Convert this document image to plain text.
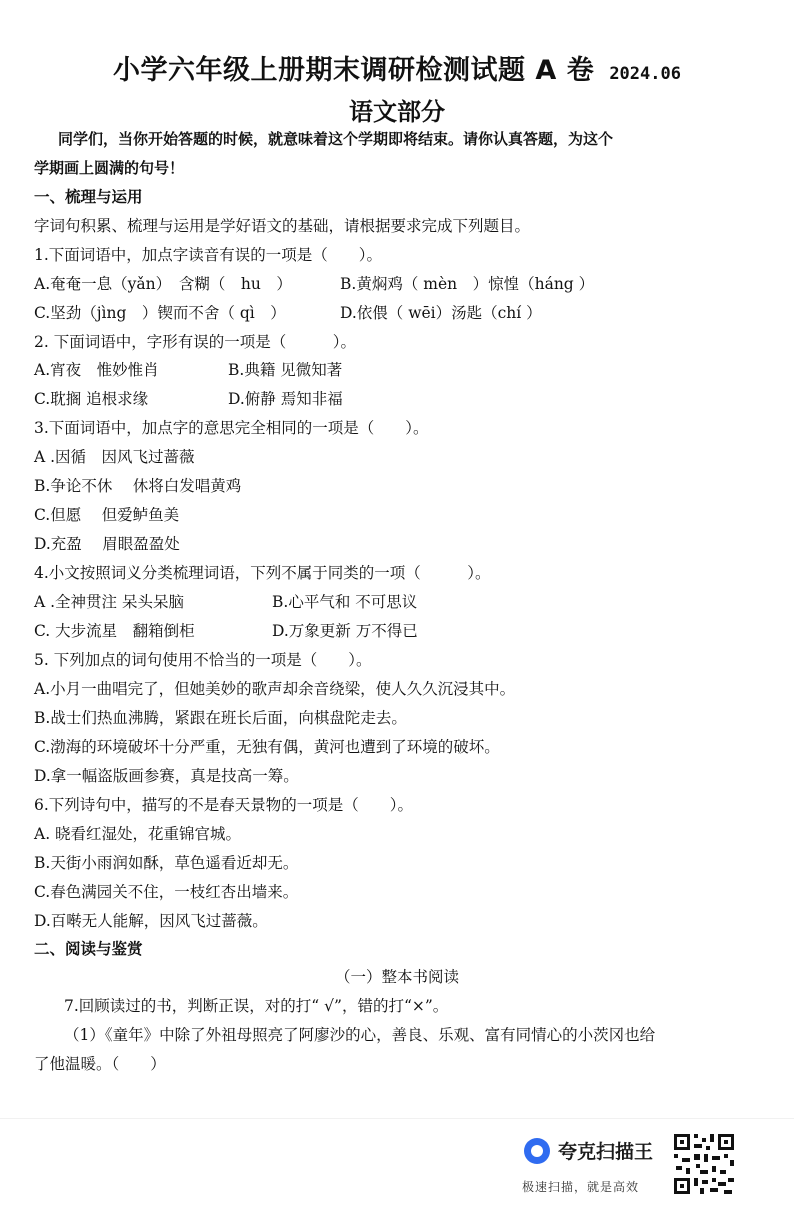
小学六年级上册期末调研检测试题 A 卷 2024.06
语文部分
同学们，当你开始答题的时候，就意味着这个学期即将结束。请你认真答题，为这个
学期画上圆满的句号！
一、梳理与运用
字词句积累、梳理与运用是学好语文的基础，请根据要求完成下列题目。
1.下面词语中，加点字读音有误的一项是（　　）。
A.奄奄一息（yǎn）　含糊（　hu　）	B.黄焖鸡（ mèn　）惊惶（háng ）
C.坚劲（jìng　）锲而不舍（ qì　）	D.依偎（ wēi）汤匙（chí ）
2. 下面词语中，字形有误的一项是（　　　）。
A.宵夜　惟妙惟肖	B.典籍 见微知著
C.耽搁 追根求缘	D.俯静 焉知非福
3.下面词语中，加点字的意思完全相同的一项是（　　）。
A .因循　因风飞过蔷薇
B.争论不休　 休将白发唱黄鸡
C.但愿　 但爱鲈鱼美
D.充盈　 眉眼盈盈处
4.小文按照词义分类梳理词语，下列不属于同类的一项（　　　）。
A .全神贯注 呆头呆脑	B.心平气和 不可思议
C. 大步流星　翻箱倒柜	D.万象更新 万不得已
5. 下列加点的词句使用不恰当的一项是（　　）。
A.小月一曲唱完了，但她美妙的歌声却余音绕梁，使人久久沉浸其中。
B.战士们热血沸腾，紧跟在班长后面，向棋盘陀走去。
C.渤海的环境破坏十分严重，无独有偶，黄河也遭到了环境的破坏。
D.拿一幅盗版画参赛，真是技高一筹。
6.下列诗句中，描写的不是春天景物的一项是（　　）。
A. 晓看红湿处，花重锦官城。
B.天街小雨润如酥，草色遥看近却无。
C.春色满园关不住，一枝红杏出墙来。
D.百啭无人能解，因风飞过蔷薇。
二、阅读与鉴赏
（一）整本书阅读
7.回顾读过的书，判断正误，对的打“ √”，错的打“×”。
（1）《童年》中除了外祖母照亮了阿廖沙的心，善良、乐观、富有同情心的小茨冈也给
了他温暖。（　　）
夸克扫描王
极速扫描，就是高效
